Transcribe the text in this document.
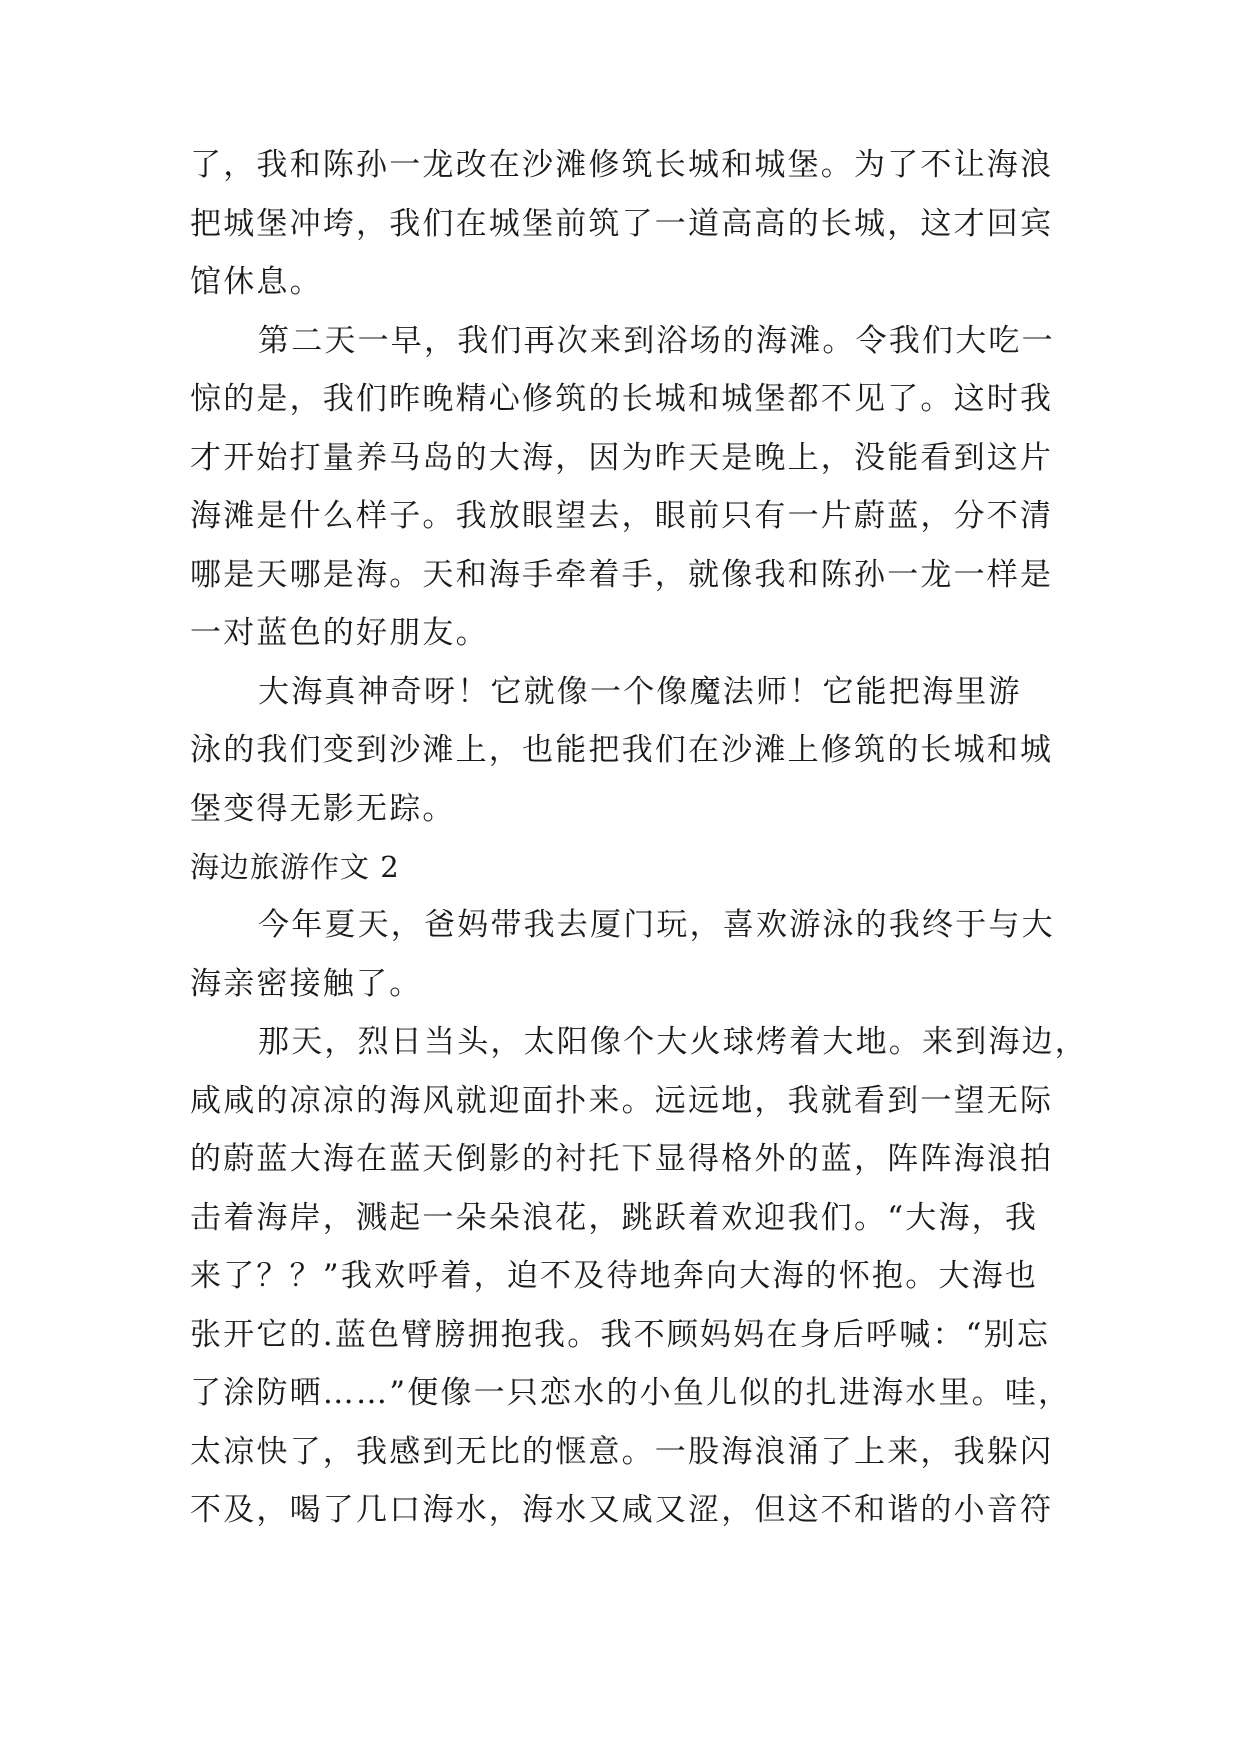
了，我和陈孙一龙改在沙滩修筑长城和城堡。为了不让海浪
把城堡冲垮，我们在城堡前筑了一道高高的长城，这才回宾
馆休息。
第二天一早，我们再次来到浴场的海滩。令我们大吃一
惊的是，我们昨晚精心修筑的长城和城堡都不见了。这时我
才开始打量养马岛的大海，因为昨天是晚上，没能看到这片
海滩是什么样子。我放眼望去，眼前只有一片蔚蓝，分不清
哪是天哪是海。天和海手牵着手，就像我和陈孙一龙一样是
一对蓝色的好朋友。
大海真神奇呀！它就像一个像魔法师！它能把海里游
泳的我们变到沙滩上，也能把我们在沙滩上修筑的长城和城
堡变得无影无踪。
海边旅游作文 2
今年夏天，爸妈带我去厦门玩，喜欢游泳的我终于与大
海亲密接触了。
那天，烈日当头，太阳像个大火球烤着大地。来到海边，
咸咸的凉凉的海风就迎面扑来。远远地，我就看到一望无际
的蔚蓝大海在蓝天倒影的衬托下显得格外的蓝，阵阵海浪拍
击着海岸，溅起一朵朵浪花，跳跃着欢迎我们。“大海，我
来了？？”我欢呼着，迫不及待地奔向大海的怀抱。大海也
张开它的.蓝色臂膀拥抱我。我不顾妈妈在身后呼喊：“别忘
了涂防晒……”便像一只恋水的小鱼儿似的扎进海水里。哇，
太凉快了，我感到无比的惬意。一股海浪涌了上来，我躲闪
不及，喝了几口海水，海水又咸又涩，但这不和谐的小音符
